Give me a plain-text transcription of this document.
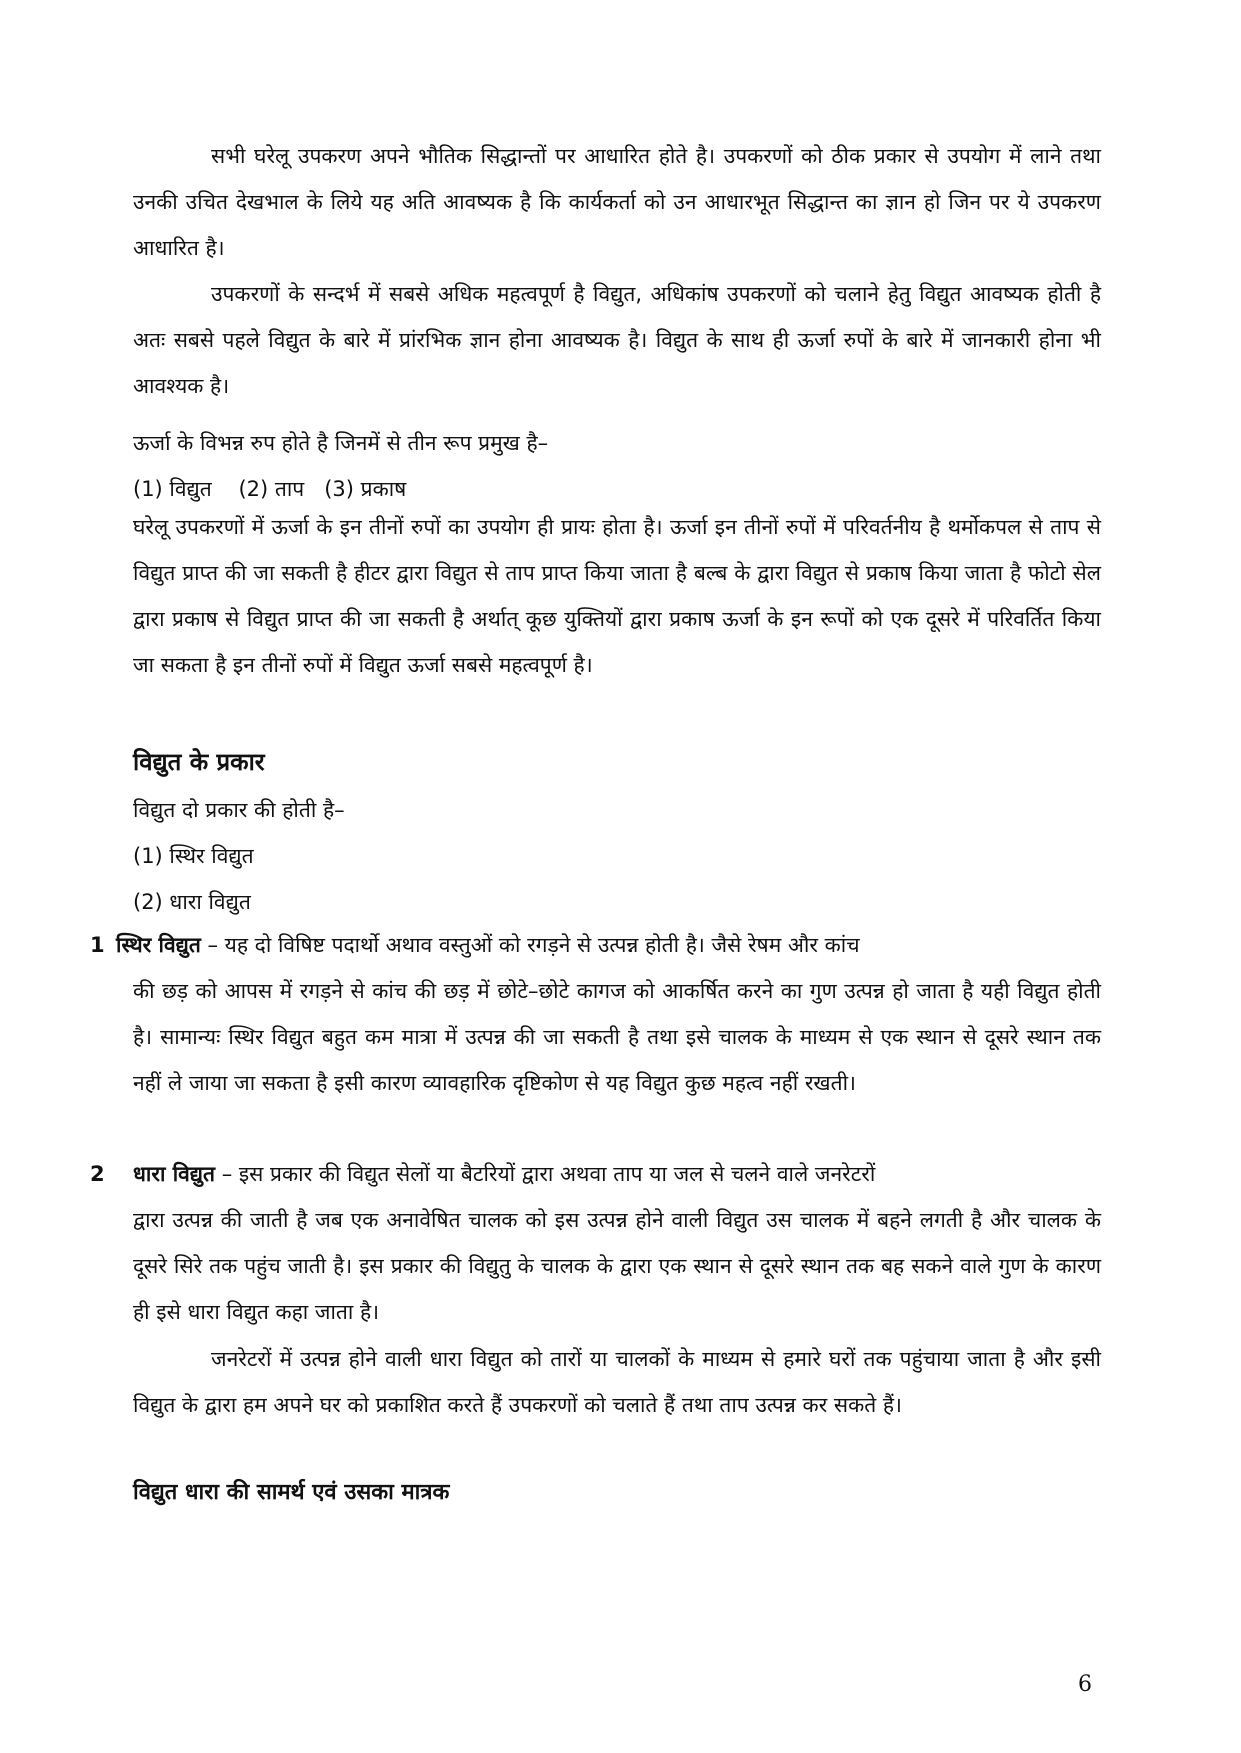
सभी घरेलू उपकरण अपने भौतिक सिद्धान्तों पर आधारित होते है। उपकरणों को ठीक प्रकार से उपयोग में लाने तथा उनकी उचित देखभाल के लिये यह अति आवष्यक है कि कार्यकर्ता को उन आधारभूत सिद्धान्त का ज्ञान हो जिन पर ये उपकरण आधारित है।

उपकरणों के सन्दर्भ में सबसे अधिक महत्वपूर्ण है विद्युत, अधिकांष उपकरणों को चलाने हेतु विद्युत आवष्यक होती है अतः सबसे पहले विद्युत के बारे में प्रांरभिक ज्ञान होना आवष्यक है। विद्युत के साथ ही ऊर्जा रुपों के बारे में जानकारी होना भी आवश्यक है।

ऊर्जा के विभन्न रुप होते है जिनमें से तीन रूप प्रमुख है–

(1) विद्युत    (2) ताप   (3) प्रकाष

घरेलू उपकरणों में ऊर्जा के इन तीनों रुपों का उपयोग ही प्रायः होता है। ऊर्जा इन तीनों रुपों में परिवर्तनीय है थर्मोकपल से ताप से विद्युत प्राप्त की जा सकती है हीटर द्वारा विद्युत से ताप प्राप्त किया जाता है बल्ब के द्वारा विद्युत से प्रकाष किया जाता है फोटो सेल द्वारा प्रकाष से विद्युत प्राप्त की जा सकती है अर्थात् कूछ युक्तियों द्वारा प्रकाष ऊर्जा के इन रूपों को एक दूसरे में परिवर्तित किया जा सकता है इन तीनों रुपों में विद्युत ऊर्जा सबसे महत्वपूर्ण है।

विद्युत के प्रकार

विद्युत दो प्रकार की होती है–

(1) स्थिर विद्युत

(2) धारा विद्युत

1 स्थिर विद्युत – यह दो विषिष्ट पदार्थो अथाव वस्तुओं को रगड़ने से उत्पन्न होती है। जैसे रेषम और कांच
की छड़ को आपस में रगड़ने से कांच की छड़ में छोटे–छोटे कागज को आकर्षित करने का गुण उत्पन्न हो जाता है यही विद्युत होती है। सामान्यः स्थिर विद्युत बहुत कम मात्रा में उत्पन्न की जा सकती है तथा इसे चालक के माध्यम से एक स्थान से दूसरे स्थान तक नहीं ले जाया जा सकता है इसी कारण व्यावहारिक दृष्टिकोण से यह विद्युत कुछ महत्व नहीं रखती।
2 धारा विद्युत – इस प्रकार की विद्युत सेलों या बैटरियों द्वारा अथवा ताप या जल से चलने वाले जनरेटरों
द्वारा उत्पन्न की जाती है जब एक अनावेषित चालक को इस उत्पन्न होने वाली विद्युत उस चालक में बहने लगती है और चालक के दूसरे सिरे तक पहुंच जाती है। इस प्रकार की विद्युतु के चालक के द्वारा एक स्थान से दूसरे स्थान तक बह सकने वाले गुण के कारण ही इसे धारा विद्युत कहा जाता है।

जनरेटरों में उत्पन्न होने वाली धारा विद्युत को तारों या चालकों के माध्यम से हमारे घरों तक पहुंचाया जाता है और इसी विद्युत के द्वारा हम अपने घर को प्रकाशित करते हैं उपकरणों को चलाते हैं तथा ताप उत्पन्न कर सकते हैं।

विद्युत धारा की सामर्थ एवं उसका मात्रक
6
